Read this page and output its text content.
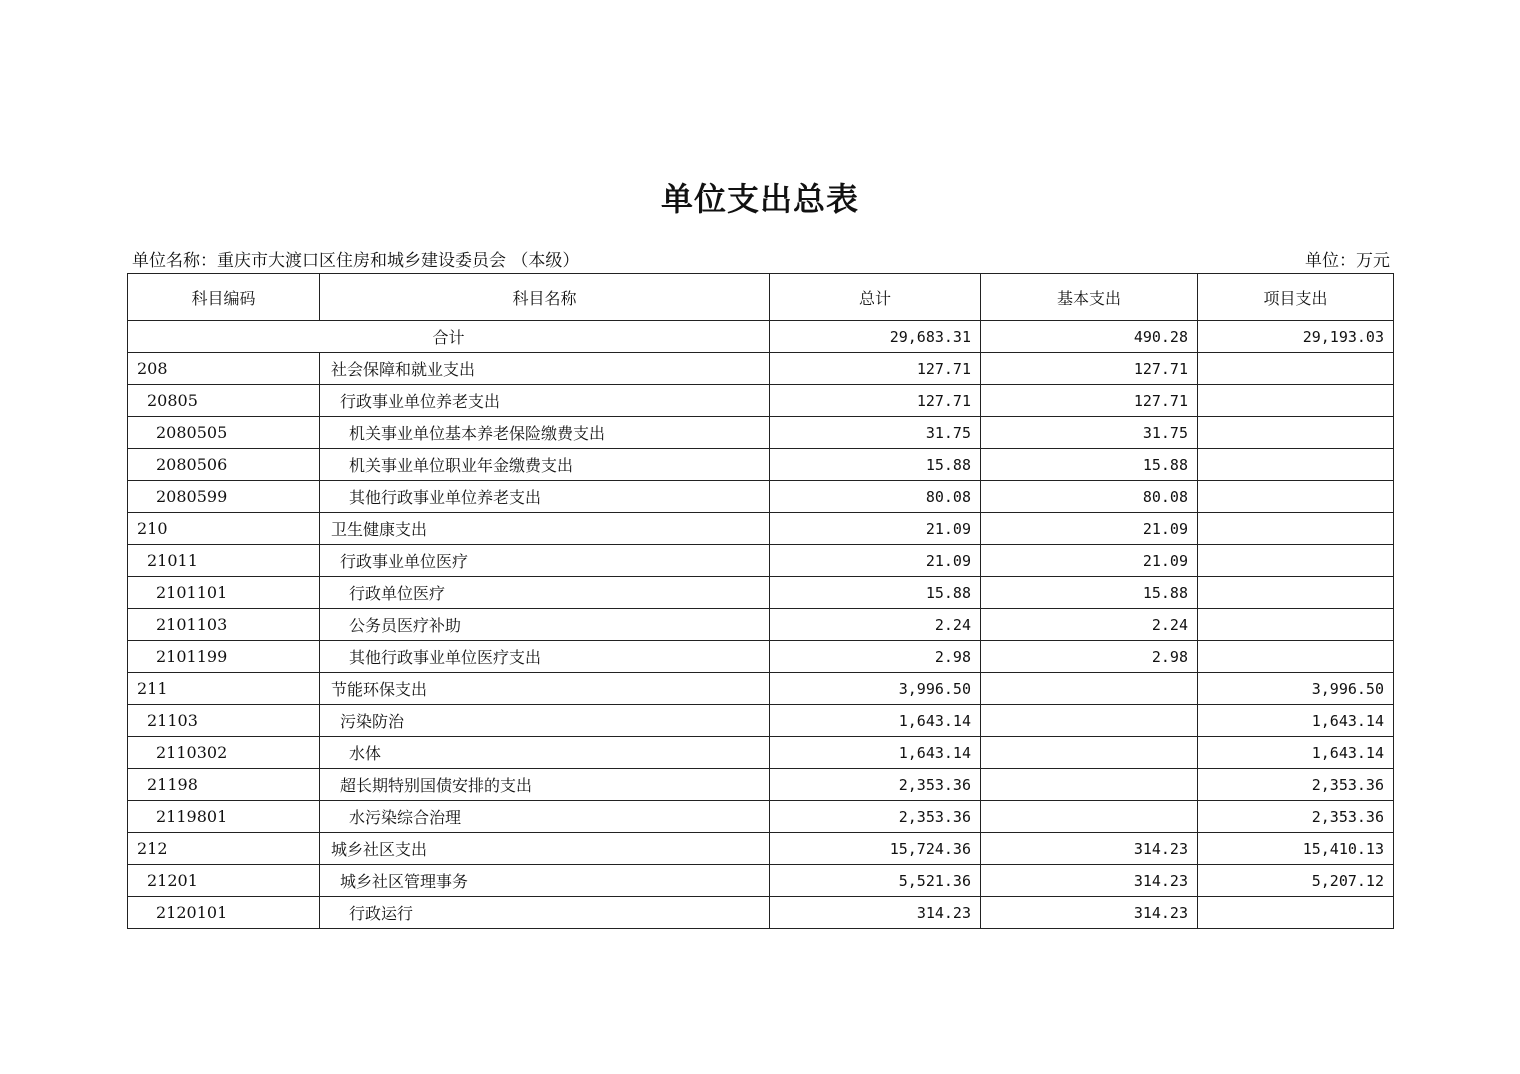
单位支出总表
单位名称：重庆市大渡口区住房和城乡建设委员会 （本级）	单位：万元
科目编码	科目名称	总计	基本支出	项目支出
合计		29,683.31	490.28	29,193.03
208	社会保障和就业支出	127.71	127.71	
20805	行政事业单位养老支出	127.71	127.71	
2080505	机关事业单位基本养老保险缴费支出	31.75	31.75	
2080506	机关事业单位职业年金缴费支出	15.88	15.88	
2080599	其他行政事业单位养老支出	80.08	80.08	
210	卫生健康支出	21.09	21.09	
21011	行政事业单位医疗	21.09	21.09	
2101101	行政单位医疗	15.88	15.88	
2101103	公务员医疗补助	2.24	2.24	
2101199	其他行政事业单位医疗支出	2.98	2.98	
211	节能环保支出	3,996.50		3,996.50
21103	污染防治	1,643.14		1,643.14
2110302	水体	1,643.14		1,643.14
21198	超长期特别国债安排的支出	2,353.36		2,353.36
2119801	水污染综合治理	2,353.36		2,353.36
212	城乡社区支出	15,724.36	314.23	15,410.13
21201	城乡社区管理事务	5,521.36	314.23	5,207.12
2120101	行政运行	314.23	314.23	
